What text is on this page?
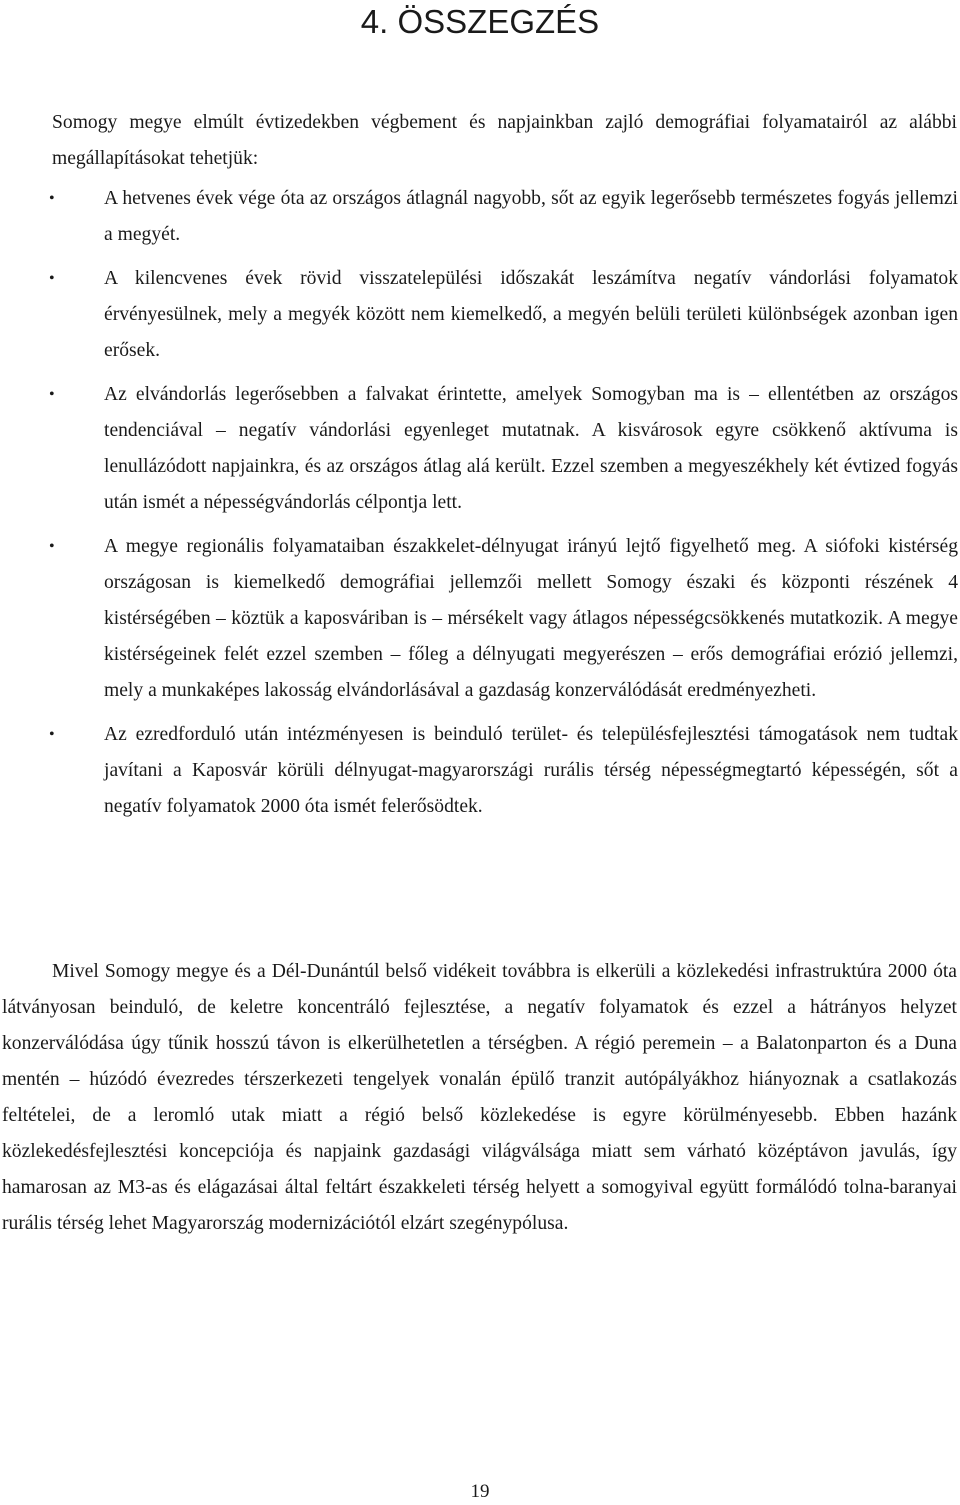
4. ÖSSZEGZÉS

Somogy megye elmúlt évtizedekben végbement és napjainkban zajló demográfiai folyamatairól az alábbi megállapításokat tehetjük:

•	A hetvenes évek vége óta az országos átlagnál nagyobb, sőt az egyik legerősebb természetes fogyás jellemzi a megyét.
•	A kilencvenes évek rövid visszatelepülési időszakát leszámítva negatív vándorlási folyamatok érvényesülnek, mely a megyék között nem kiemelkedő, a megyén belüli területi különbségek azonban igen erősek.
•	Az elvándorlás legerősebben a falvakat érintette, amelyek Somogyban ma is – ellentétben az országos tendenciával – negatív vándorlási egyenleget mutatnak. A kisvárosok egyre csökkenő aktívuma is lenullázódott napjainkra, és az országos átlag alá került. Ezzel szemben a megyeszékhely két évtized fogyás után ismét a népességvándorlás célpontja lett.
•	A megye regionális folyamataiban északkelet-délnyugat irányú lejtő figyelhető meg. A siófoki kistérség országosan is kiemelkedő demográfiai jellemzői mellett Somogy északi és központi részének 4 kistérségében – köztük a kaposváriban is – mérsékelt vagy átlagos népességcsökkenés mutatkozik. A megye kistérségeinek felét ezzel szemben – főleg a délnyugati megyerészen – erős demográfiai erózió jellemzi, mely a munkaképes lakosság elvándorlásával a gazdaság konzerválódását eredményezheti.
•	Az ezredforduló után intézményesen is beinduló terület- és településfejlesztési támogatások nem tudtak javítani a Kaposvár körüli délnyugat-magyarországi rurális térség népességmegtartó képességén, sőt a negatív folyamatok 2000 óta ismét felerősödtek.

Mivel Somogy megye és a Dél-Dunántúl belső vidékeit továbbra is elkerüli a közlekedési infrastruktúra 2000 óta látványosan beinduló, de keletre koncentráló fejlesztése, a negatív folyamatok és ezzel a hátrányos helyzet konzerválódása úgy tűnik hosszú távon is elkerülhetetlen a térségben. A régió peremein – a Balatonparton és a Duna mentén – húzódó évezredes térszerkezeti tengelyek vonalán épülő tranzit autópályákhoz hiányoznak a csatlakozás feltételei, de a leromló utak miatt a régió belső közlekedése is egyre körülményesebb. Ebben hazánk közlekedésfejlesztési koncepciója és napjaink gazdasági világválsága miatt sem várható középtávon javulás, így hamarosan az M3-as és elágazásai által feltárt északkeleti térség helyett a somogyival együtt formálódó tolna-baranyai rurális térség lehet Magyarország modernizációtól elzárt szegénypólusa.

19
